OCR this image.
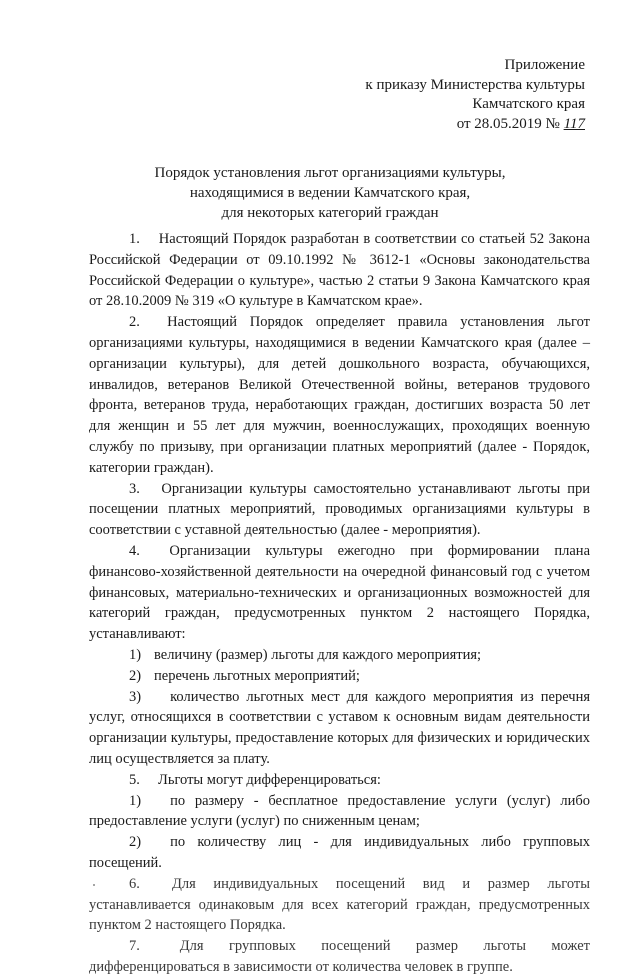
Приложение
к приказу Министерства культуры
Камчатского края
от 28.05.2019 № 117
Порядок установления льгот организациями культуры,
находящимися в ведении Камчатского края,
для некоторых категорий граждан

1.  Настоящий Порядок разработан в соответствии со статьей 52 Закона Российской Федерации от 09.10.1992 № 3612-1 «Основы законодательства Российской Федерации о культуре», частью 2 статьи 9 Закона Камчатского края от 28.10.2009 № 319 «О культуре в Камчатском крае».

2.  Настоящий Порядок определяет правила установления льгот организациями культуры, находящимися в ведении Камчатского края (далее – организации культуры), для детей дошкольного возраста, обучающихся, инвалидов, ветеранов Великой Отечественной войны, ветеранов трудового фронта, ветеранов труда, неработающих граждан, достигших возраста 50 лет для женщин и 55 лет для мужчин, военнослужащих, проходящих военную службу по призыву, при организации платных мероприятий (далее - Порядок, категории граждан).

3.  Организации культуры самостоятельно устанавливают льготы при посещении платных мероприятий, проводимых организациями культуры в соответствии с уставной деятельностью (далее - мероприятия).

4.  Организации культуры ежегодно при формировании плана финансово-хозяйственной деятельности на очередной финансовый год с учетом финансовых, материально-технических и организационных возможностей для категорий граждан, предусмотренных пунктом 2 настоящего Порядка, устанавливают:

1) величину (размер) льготы для каждого мероприятия;

2) перечень льготных мероприятий;

3)   количество льготных мест для каждого мероприятия из перечня услуг, относящихся в соответствии с уставом к основным видам деятельности организации культуры, предоставление которых для физических и юридических лиц осуществляется за плату.

5.  Льготы могут дифференцироваться:

1)   по размеру - бесплатное предоставление услуги (услуг) либо предоставление услуги (услуг) по сниженным ценам;

2)   по количеству лиц - для индивидуальных либо групповых посещений.

6.  Для индивидуальных посещений вид и размер льготы устанавливается одинаковым для всех категорий граждан, предусмотренных пунктом 2 настоящего Порядка.

7. 	Для групповых посещений размер льготы может дифференцироваться в зависимости от количества человек в группе.
